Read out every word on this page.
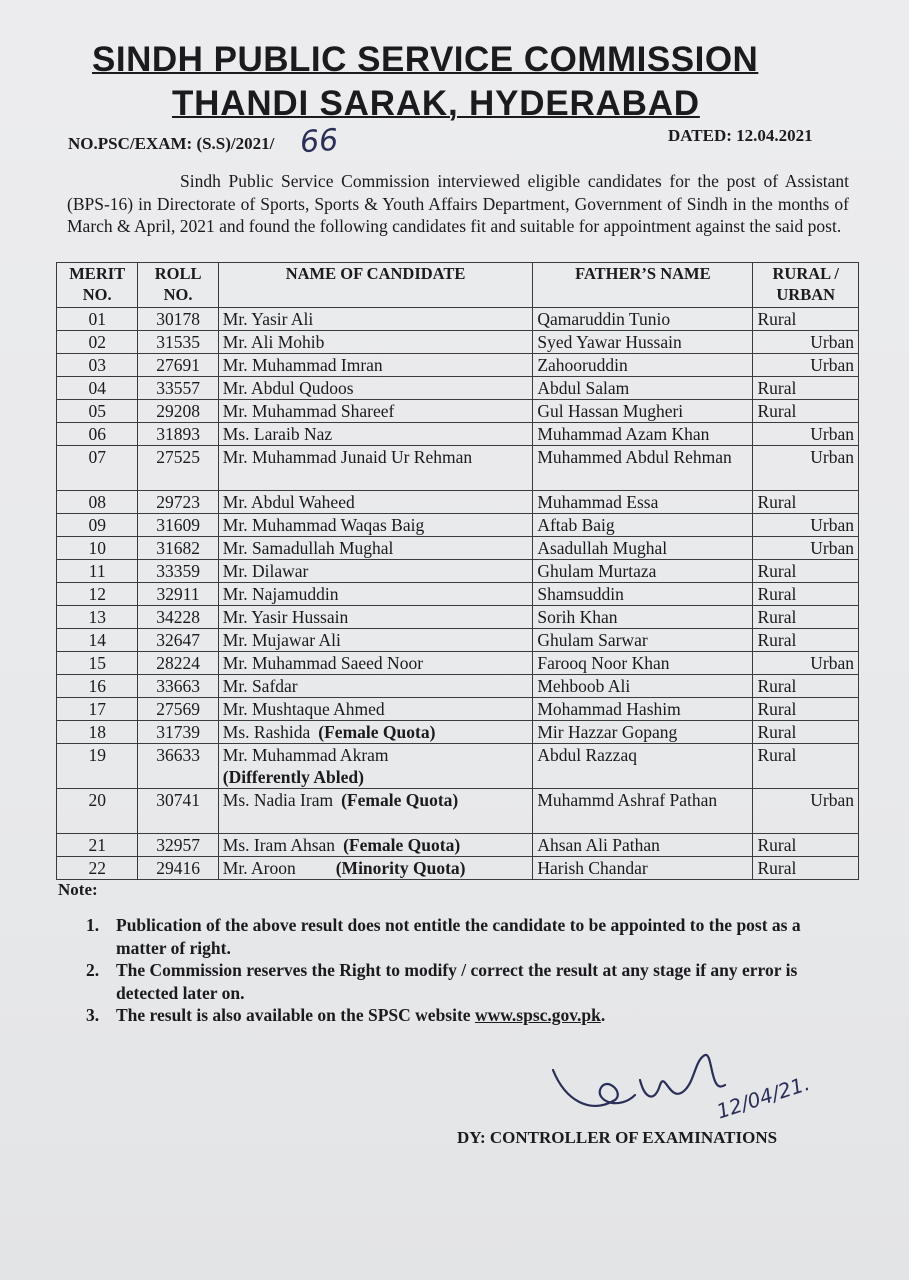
SINDH PUBLIC SERVICE COMMISSION
THANDI SARAK, HYDERABAD
NO.PSC/EXAM: (S.S)/2021/ 66	DATED: 12.04.2021

Sindh Public Service Commission interviewed eligible candidates for the post of Assistant (BPS-16) in Directorate of Sports, Sports & Youth Affairs Department, Government of Sindh in the months of March & April, 2021 and found the following candidates fit and suitable for appointment against the said post.

MERIT NO.	ROLL NO.	NAME OF CANDIDATE	FATHER’S NAME	RURAL / URBAN
01	30178	Mr. Yasir Ali	Qamaruddin Tunio	Rural
02	31535	Mr. Ali Mohib	Syed Yawar Hussain	Urban
03	27691	Mr. Muhammad Imran	Zahooruddin	Urban
04	33557	Mr. Abdul Qudoos	Abdul Salam	Rural
05	29208	Mr. Muhammad Shareef	Gul Hassan Mugheri	Rural
06	31893	Ms. Laraib Naz	Muhammad Azam Khan	Urban
07	27525	Mr. Muhammad Junaid Ur Rehman	Muhammed Abdul Rehman	Urban
08	29723	Mr. Abdul Waheed	Muhammad Essa	Rural
09	31609	Mr. Muhammad Waqas Baig	Aftab Baig	Urban
10	31682	Mr. Samadullah Mughal	Asadullah Mughal	Urban
11	33359	Mr. Dilawar	Ghulam Murtaza	Rural
12	32911	Mr. Najamuddin	Shamsuddin	Rural
13	34228	Mr. Yasir Hussain	Sorih Khan	Rural
14	32647	Mr. Mujawar Ali	Ghulam Sarwar	Rural
15	28224	Mr. Muhammad Saeed Noor	Farooq Noor Khan	Urban
16	33663	Mr. Safdar	Mehboob Ali	Rural
17	27569	Mr. Mushtaque Ahmed	Mohammad Hashim	Rural
18	31739	Ms. Rashida (Female Quota)	Mir Hazzar Gopang	Rural
19	36633	Mr. Muhammad Akram
(Differently Abled)	Abdul Razzaq	Rural
20	30741	Ms. Nadia Iram (Female Quota)	Muhammd Ashraf Pathan	Urban
21	32957	Ms. Iram Ahsan (Female Quota)	Ahsan Ali Pathan	Rural
22	29416	Mr. Aroon (Minority Quota)	Harish Chandar	Rural
Note:
1. Publication of the above result does not entitle the candidate to be appointed to the post as a matter of right.
2. The Commission reserves the Right to modify / correct the result at any stage if any error is detected later on.
3. The result is also available on the SPSC website www.spsc.gov.pk.
12/04/21.
DY: CONTROLLER OF EXAMINATIONS
